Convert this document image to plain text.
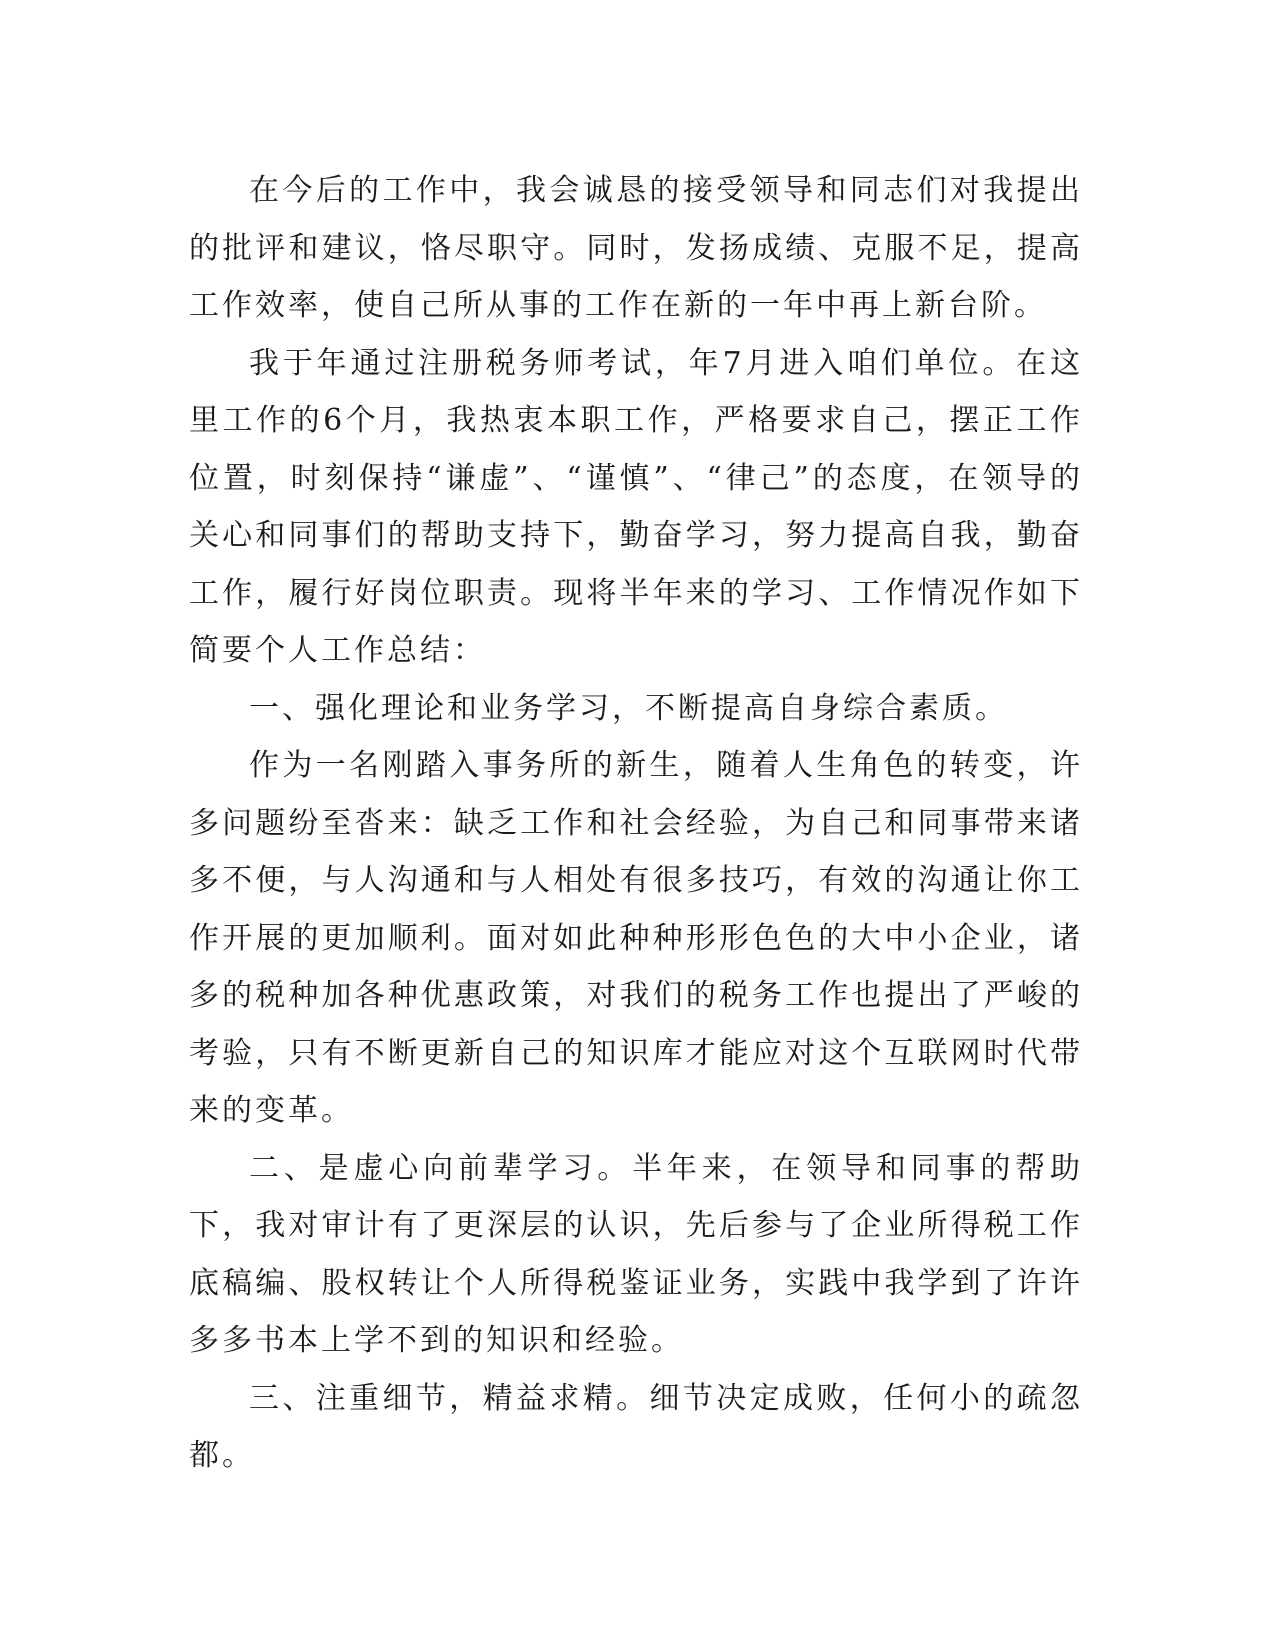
在今后的工作中，我会诚恳的接受领导和同志们对我提出的批评和建议，恪尽职守。同时，发扬成绩、克服不足，提高工作效率，使自己所从事的工作在新的一年中再上新台阶。

我于年通过注册税务师考试，年7月进入咱们单位。在这里工作的6个月，我热衷本职工作，严格要求自己，摆正工作位置，时刻保持“谦虚”、“谨慎”、“律己”的态度，在领导的关心和同事们的帮助支持下，勤奋学习，努力提高自我，勤奋工作，履行好岗位职责。现将半年来的学习、工作情况作如下简要个人工作总结：

一、强化理论和业务学习，不断提高自身综合素质。

作为一名刚踏入事务所的新生，随着人生角色的转变，许多问题纷至沓来：缺乏工作和社会经验，为自己和同事带来诸多不便，与人沟通和与人相处有很多技巧，有效的沟通让你工作开展的更加顺利。面对如此种种形形色色的大中小企业，诸多的税种加各种优惠政策，对我们的税务工作也提出了严峻的考验，只有不断更新自己的知识库才能应对这个互联网时代带来的变革。

二、是虚心向前辈学习。半年来，在领导和同事的帮助下，我对审计有了更深层的认识，先后参与了企业所得税工作底稿编、股权转让个人所得税鉴证业务，实践中我学到了许许多多书本上学不到的知识和经验。

三、注重细节，精益求精。细节决定成败，任何小的疏忽都。
